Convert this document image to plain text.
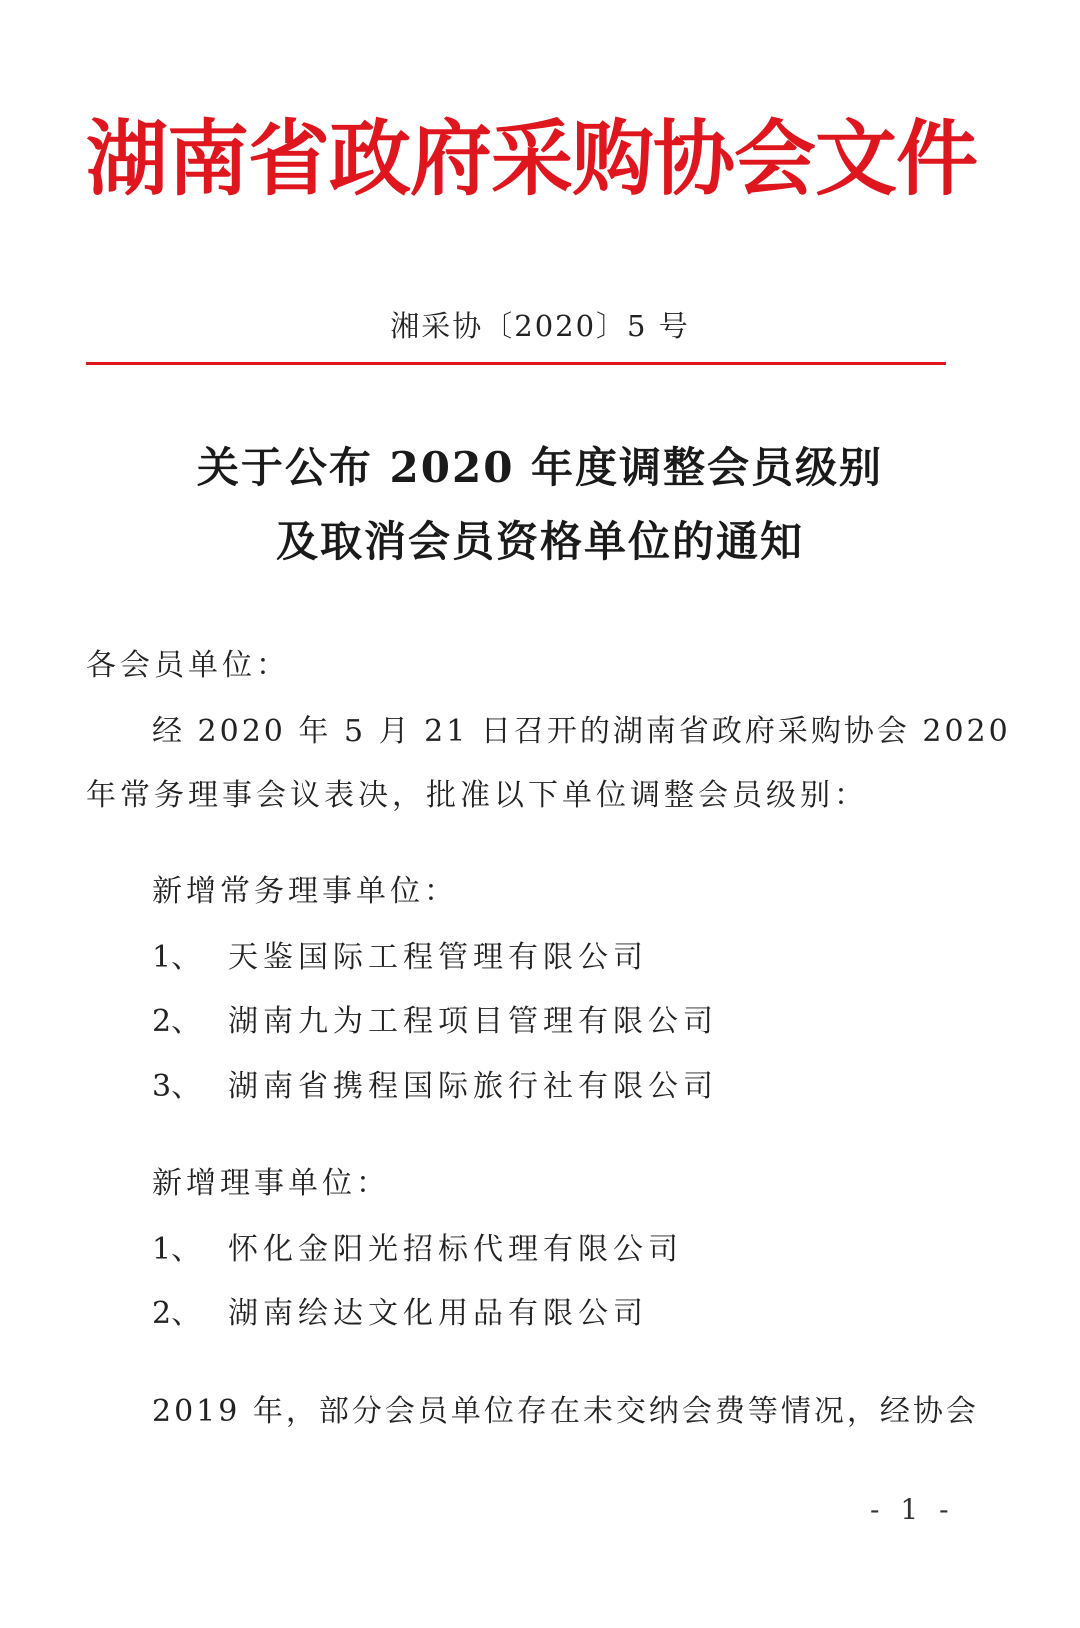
湖南省政府采购协会文件
湘采协〔2020〕5 号
关于公布 2020 年度调整会员级别
及取消会员资格单位的通知
各会员单位：
经 2020 年 5 月 21 日召开的湖南省政府采购协会 2020
年常务理事会议表决，批准以下单位调整会员级别：
新增常务理事单位：
1、 天鉴国际工程管理有限公司
2、 湖南九为工程项目管理有限公司
3、 湖南省携程国际旅行社有限公司
新增理事单位：
1、 怀化金阳光招标代理有限公司
2、 湖南绘达文化用品有限公司
2019 年，部分会员单位存在未交纳会费等情况，经协会
- 1 -
